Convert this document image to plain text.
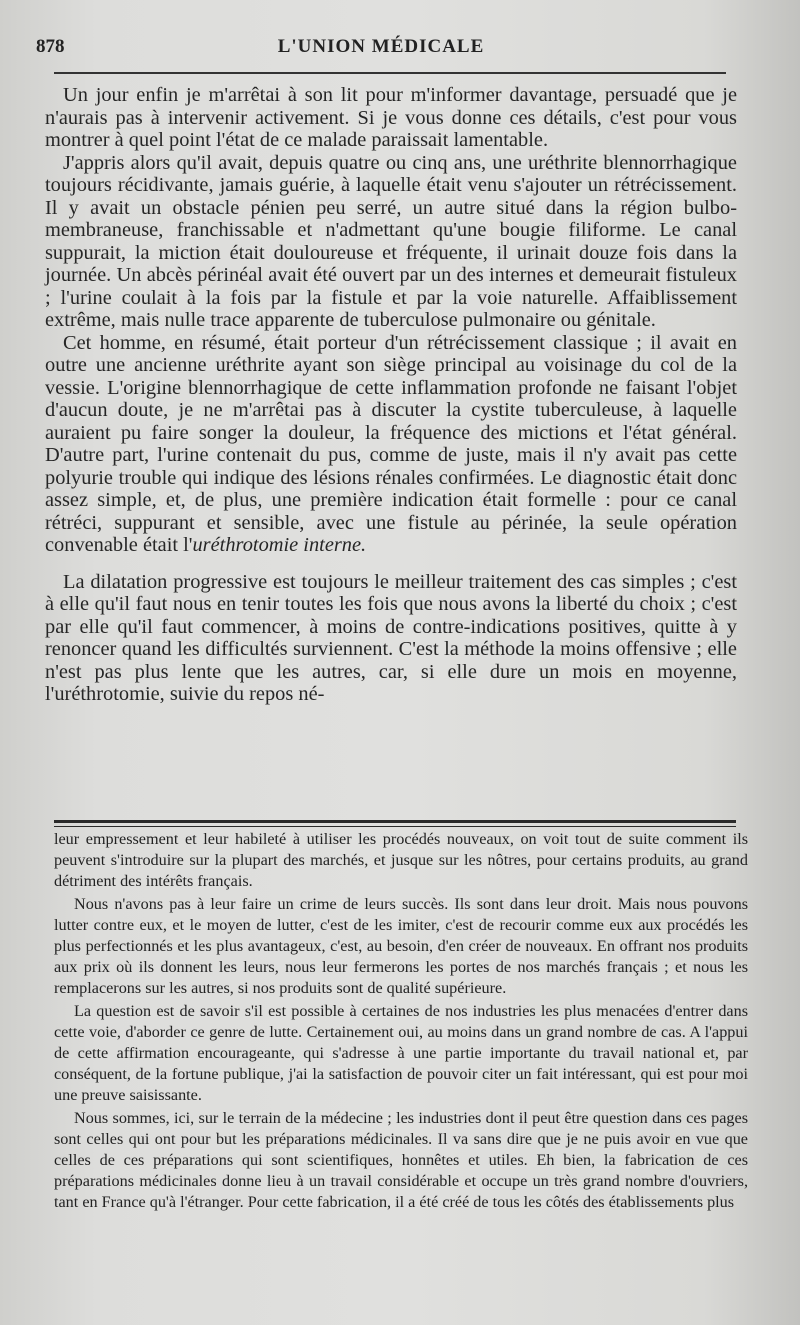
878	L'UNION MÉDICALE

Un jour enfin je m'arrêtai à son lit pour m'informer davantage, persuadé que je n'aurais pas à intervenir activement. Si je vous donne ces détails, c'est pour vous montrer à quel point l'état de ce malade paraissait lamentable.

J'appris alors qu'il avait, depuis quatre ou cinq ans, une uréthrite blennorrhagique toujours récidivante, jamais guérie, à laquelle était venu s'ajouter un rétrécissement. Il y avait un obstacle pénien peu serré, un autre situé dans la région bulbo-membraneuse, franchissable et n'admettant qu'une bougie filiforme. Le canal suppurait, la miction était douloureuse et fréquente, il urinait douze fois dans la journée. Un abcès périnéal avait été ouvert par un des internes et demeurait fistuleux ; l'urine coulait à la fois par la fistule et par la voie naturelle. Affaiblissement extrême, mais nulle trace apparente de tuberculose pulmonaire ou génitale.

Cet homme, en résumé, était porteur d'un rétrécissement classique ; il avait en outre une ancienne uréthrite ayant son siège principal au voisinage du col de la vessie. L'origine blennorrhagique de cette inflammation profonde ne faisant l'objet d'aucun doute, je ne m'arrêtai pas à discuter la cystite tuberculeuse, à laquelle auraient pu faire songer la douleur, la fréquence des mictions et l'état général. D'autre part, l'urine contenait du pus, comme de juste, mais il n'y avait pas cette polyurie trouble qui indique des lésions rénales confirmées. Le diagnostic était donc assez simple, et, de plus, une première indication était formelle : pour ce canal rétréci, suppurant et sensible, avec une fistule au périnée, la seule opération convenable était l'uréthrotomie interne.

La dilatation progressive est toujours le meilleur traitement des cas simples ; c'est à elle qu'il faut nous en tenir toutes les fois que nous avons la liberté du choix ; c'est par elle qu'il faut commencer, à moins de contre-indications positives, quitte à y renoncer quand les difficultés surviennent. C'est la méthode la moins offensive ; elle n'est pas plus lente que les autres, car, si elle dure un mois en moyenne, l'uréthrotomie, suivie du repos né-

leur empressement et leur habileté à utiliser les procédés nouveaux, on voit tout de suite comment ils peuvent s'introduire sur la plupart des marchés, et jusque sur les nôtres, pour certains produits, au grand détriment des intérêts français.

Nous n'avons pas à leur faire un crime de leurs succès. Ils sont dans leur droit. Mais nous pouvons lutter contre eux, et le moyen de lutter, c'est de les imiter, c'est de recourir comme eux aux procédés les plus perfectionnés et les plus avantageux, c'est, au besoin, d'en créer de nouveaux. En offrant nos produits aux prix où ils donnent les leurs, nous leur fermerons les portes de nos marchés français ; et nous les remplacerons sur les autres, si nos produits sont de qualité supérieure.

La question est de savoir s'il est possible à certaines de nos industries les plus menacées d'entrer dans cette voie, d'aborder ce genre de lutte. Certainement oui, au moins dans un grand nombre de cas. A l'appui de cette affirmation encourageante, qui s'adresse à une partie importante du travail national et, par conséquent, de la fortune publique, j'ai la satisfaction de pouvoir citer un fait intéressant, qui est pour moi une preuve saisissante.

Nous sommes, ici, sur le terrain de la médecine ; les industries dont il peut être question dans ces pages sont celles qui ont pour but les préparations médicinales. Il va sans dire que je ne puis avoir en vue que celles de ces préparations qui sont scientifiques, honnêtes et utiles. Eh bien, la fabrication de ces préparations médicinales donne lieu à un travail considérable et occupe un très grand nombre d'ouvriers, tant en France qu'à l'étranger. Pour cette fabrication, il a été créé de tous les côtés des établissements plus
